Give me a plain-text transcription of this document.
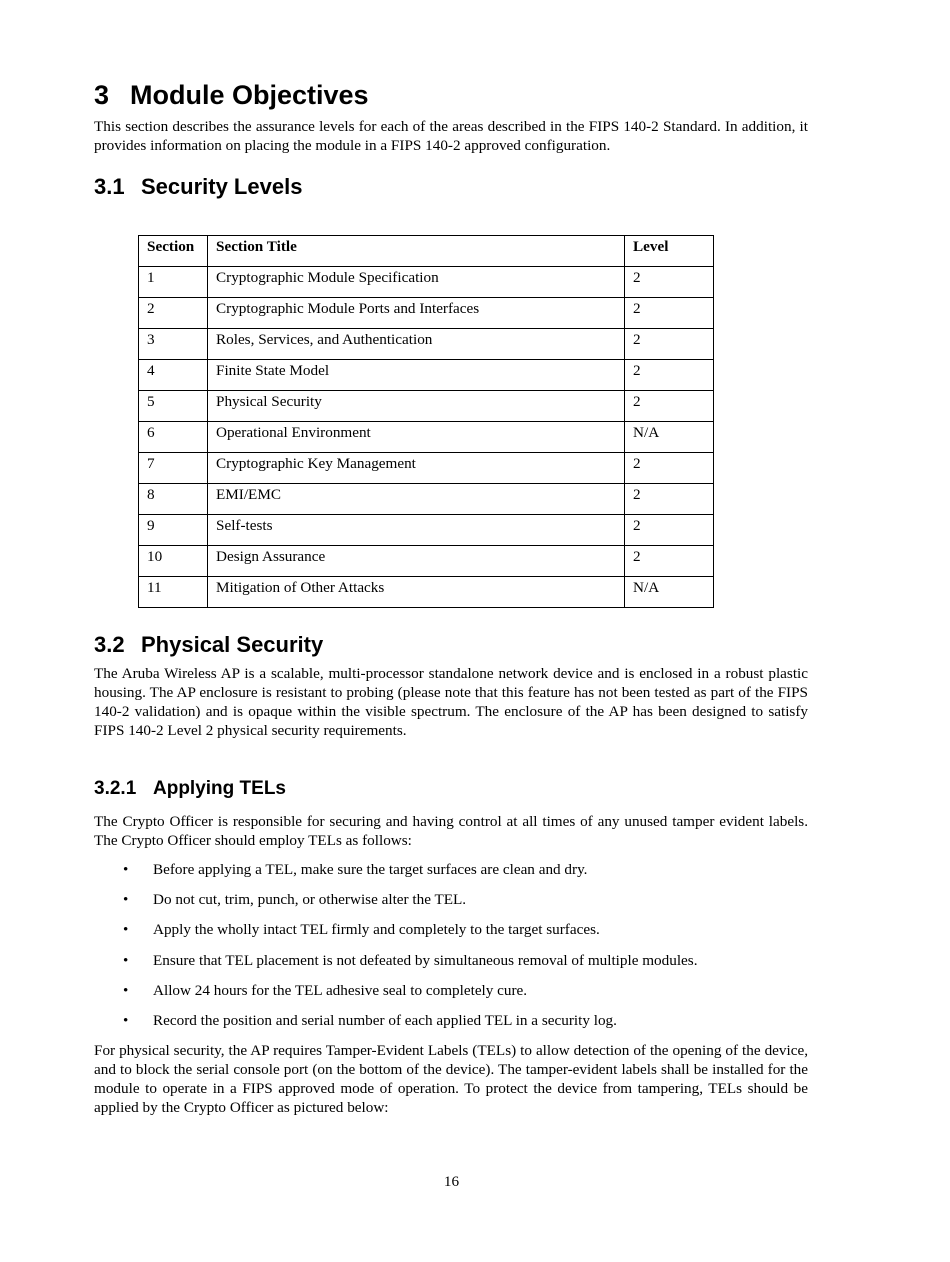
3 Module Objectives

This section describes the assurance levels for each of the areas described in the FIPS 140-2 Standard. In addition, it provides information on placing the module in a FIPS 140-2 approved configuration.

3.1 Security Levels
Section	Section Title	Level
1	Cryptographic Module Specification	2
2	Cryptographic Module Ports and Interfaces	2
3	Roles, Services, and Authentication	2
4	Finite State Model	2
5	Physical Security	2
6	Operational Environment	N/A
7	Cryptographic Key Management	2
8	EMI/EMC	2
9	Self-tests	2
10	Design Assurance	2
11	Mitigation of Other Attacks	N/A
3.2 Physical Security

The Aruba Wireless AP is a scalable, multi-processor standalone network device and is enclosed in a robust plastic housing. The AP enclosure is resistant to probing (please note that this feature has not been tested as part of the FIPS 140-2 validation) and is opaque within the visible spectrum. The enclosure of the AP has been designed to satisfy FIPS 140-2 Level 2 physical security requirements.

3.2.1 Applying TELs

The Crypto Officer is responsible for securing and having control at all times of any unused tamper evident labels. The Crypto Officer should employ TELs as follows:

• Before applying a TEL, make sure the target surfaces are clean and dry.
• Do not cut, trim, punch, or otherwise alter the TEL.
• Apply the wholly intact TEL firmly and completely to the target surfaces.
• Ensure that TEL placement is not defeated by simultaneous removal of multiple modules.
• Allow 24 hours for the TEL adhesive seal to completely cure.
• Record the position and serial number of each applied TEL in a security log.

For physical security, the AP requires Tamper-Evident Labels (TELs) to allow detection of the opening of the device, and to block the serial console port (on the bottom of the device). The tamper-evident labels shall be installed for the module to operate in a FIPS approved mode of operation. To protect the device from tampering, TELs should be applied by the Crypto Officer as pictured below:

16
